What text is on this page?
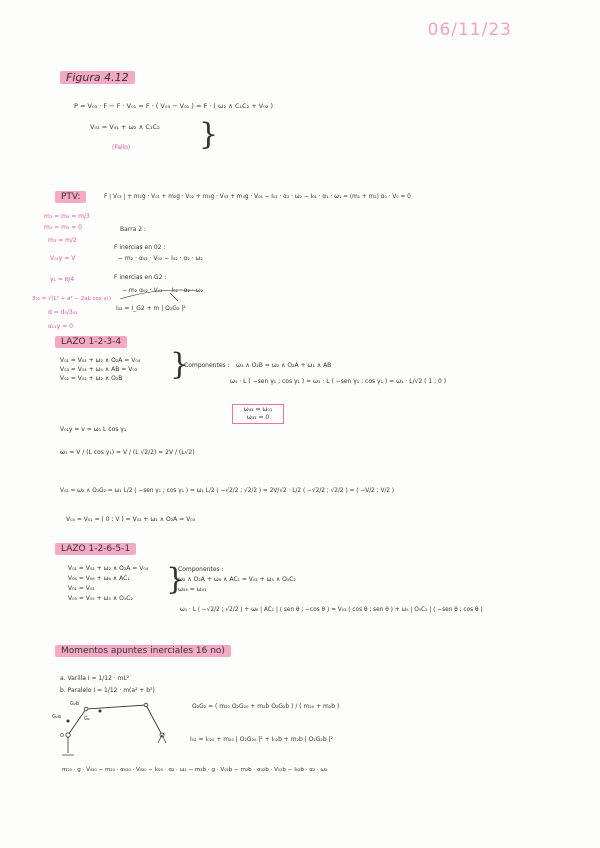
06/11/23
Figura 4.12
P = V₀₃ · F − F · V₀₁ = F · ( V₀₃ − V₀₁ ) = F · ( ω₂ ∧ C₁C₂ + V₀₂ )
V₀₃ = V₀₁ + ω₂ ∧ C₁C₂
(Fallo) }
PTV:	F | V₀₃ | + m₁g · V₀₁ + m₂g · V₀₂ + m₃g · V₀₃ + m₄g · V₀₄ − I₀₂ · α₂ · ω₂ − I₀₁ · α₁ · ω₁ = (m₁ + m₂) α₀ · V₀ = 0
m₂ = m₄ = m/3
m₁ = m₃ = 0
m₃ = m/2
V₀₁y = V
γ₁ = π/4
3₀₂ = √(L² + a² − 2aL cos γ₁)
d = d₀/3₀₂
α₀₁y = 0
Barra 2 :
F inercias en 02 :
− m₂ · α₀₂ · V₀₂ − I₀₂ · α₂ · ω₂
F inercias en G2 :
− m₂ α₀₂ · V₀₂ − I₀₂ · α₂ · ω₂
I₀₂ = I_G2 + m | O₂G₂ |²
LAZO 1-2-3-4
V₀₁ = V₀₂ + ω₂ ∧ O₂A = V₀₄
V₀₃ = V₀₄ + ω₄ ∧ AB = V₀₃
V₀₂ = V₀₂ + ω₂ ∧ O₂B }
Componentes : ω₄ ∧ O₂B = ω₂ ∧ O₂A + ω₁ ∧ AB
ω₄ · L ( −sen γ₁ ; cos γ₁ ) = ω₁ · L ( −sen γ₁ ; cos γ₁ ) = ω₁ · L/√2 ( 1 ; 0 )
ω₄₁ = ω₀₁
ω₃₁ = 0
V₀₁y = v = ω₁ L cos γ₁
ω₁ = V / (L cos γ₁) = V / (L √2/2) = 2V / (L√2)
V₀₂ = ω₂ ∧ O₂G₂ = ω₁ L/2 ( −sen γ₁ ; cos γ₁ ) = ω₁ L/2 ( −√2/2 ; √2/2 ) = 2V/√2 · L/2 ( −√2/2 ; √2/2 ) = ( −V/2 ; V/2 )
V₀₃ = V₀₁ = ( 0 ; V ) = V₀₂ + ω₁ ∧ O₂A = V₀₃
LAZO 1-2-6-5-1
V₀₁ = V₀₂ + ω₂ ∧ O₂A = V₀₄
V₀₆ = V₀₆ + ω₆ ∧ AC₁
V₀₁ = V₀₁
V₀₅ = V₀₅ + ω₅ ∧ O₅C₂
}
Componentes :
ω₂ ∧ O₂A + ω₆ ∧ AC₁ = V₀₃ + ω₅ ∧ O₅C₂
ω₅₄ = ω₀₁
ω₁ · L ( −√2/2 ; √2/2 ) + ω₆ | AC₁ | ( sen θ ; −cos θ ) = V₀₃ ( cos θ ; sen θ ) + ω₅ | O₅C₂ | ( −sen θ ; cos θ )
Momentos apuntes inerciales 16 no)
a. Varilla I = 1/12 · mL²
b. Paralelo I = 1/12 · m(a² + b²)
O₂G₂ = ( m₂₀ O₂G₂₀ + m₂b O₂G₂b ) / ( m₂₀ + m₂b )
I₀₂ = I₀₂₀ + m₂₀ | O₂G₂₀ |² + I₀₂b + m₂b | O₂G₂b |²
m₂₀ · g · V₀₂₀ − m₂₀ · α₀₂₀ · V₀₂₀ − I₀₂₀ · α₂ · ω₂ − m₂b · g · V₀₂b − m₂b · α₀₂b · V₀₂b − I₀₂b · α₂ · ω₂
G₂a
G₂b
G₂
O
